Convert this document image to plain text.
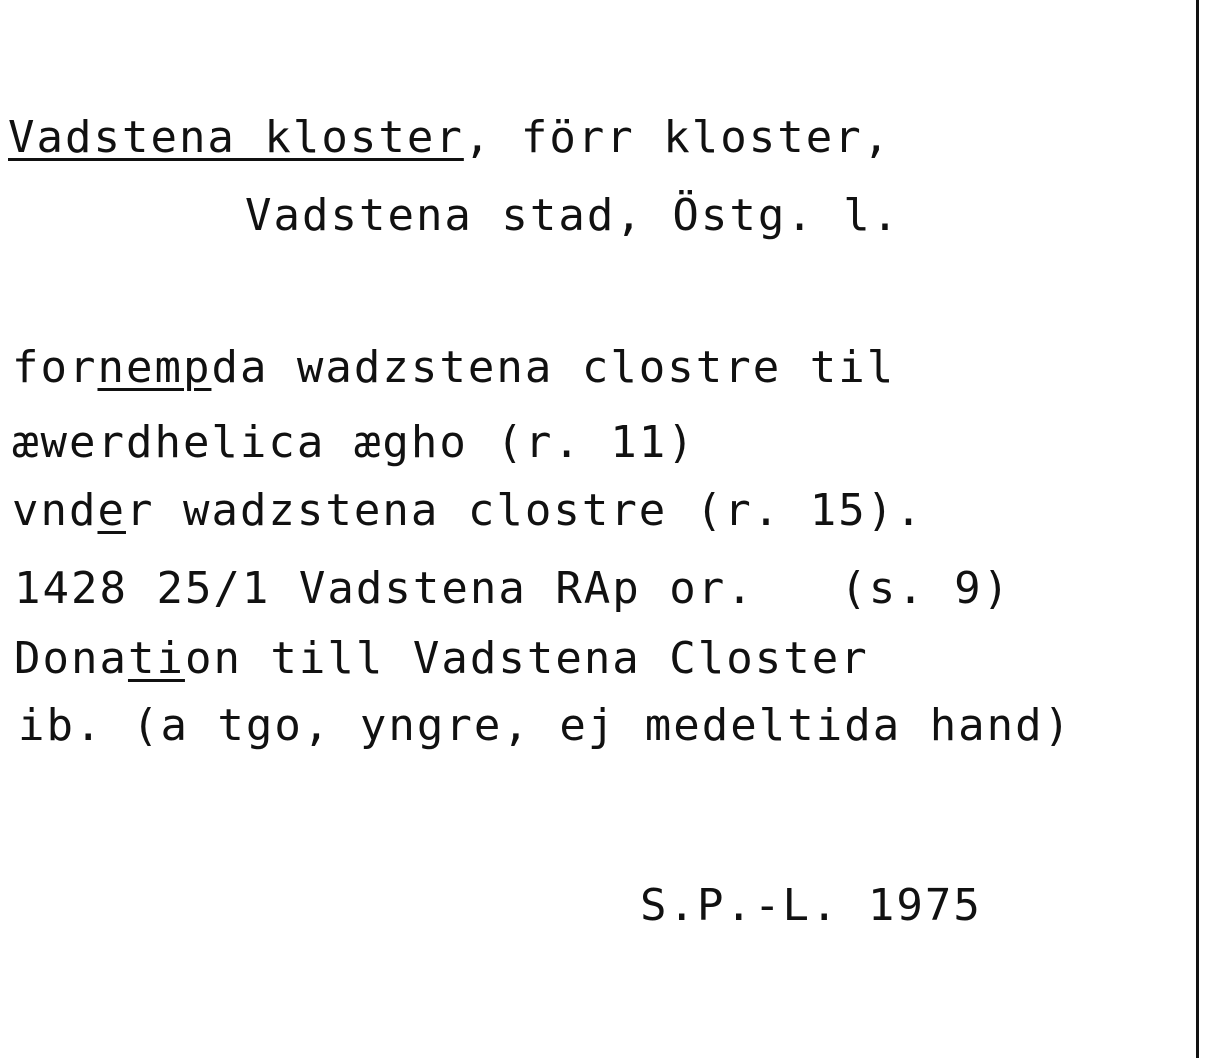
Vadstena kloster, förr kloster,
Vadstena stad, Östg. l.
fornempda wadzstena clostre til
æwerdhelica ægho (r. 11)
vnder wadzstena clostre (r. 15).
1428 25/1 Vadstena RAp or.   (s. 9)
Donation till Vadstena Closter
ib. (a tgo, yngre, ej medeltida hand)
S.P.-L. 1975
